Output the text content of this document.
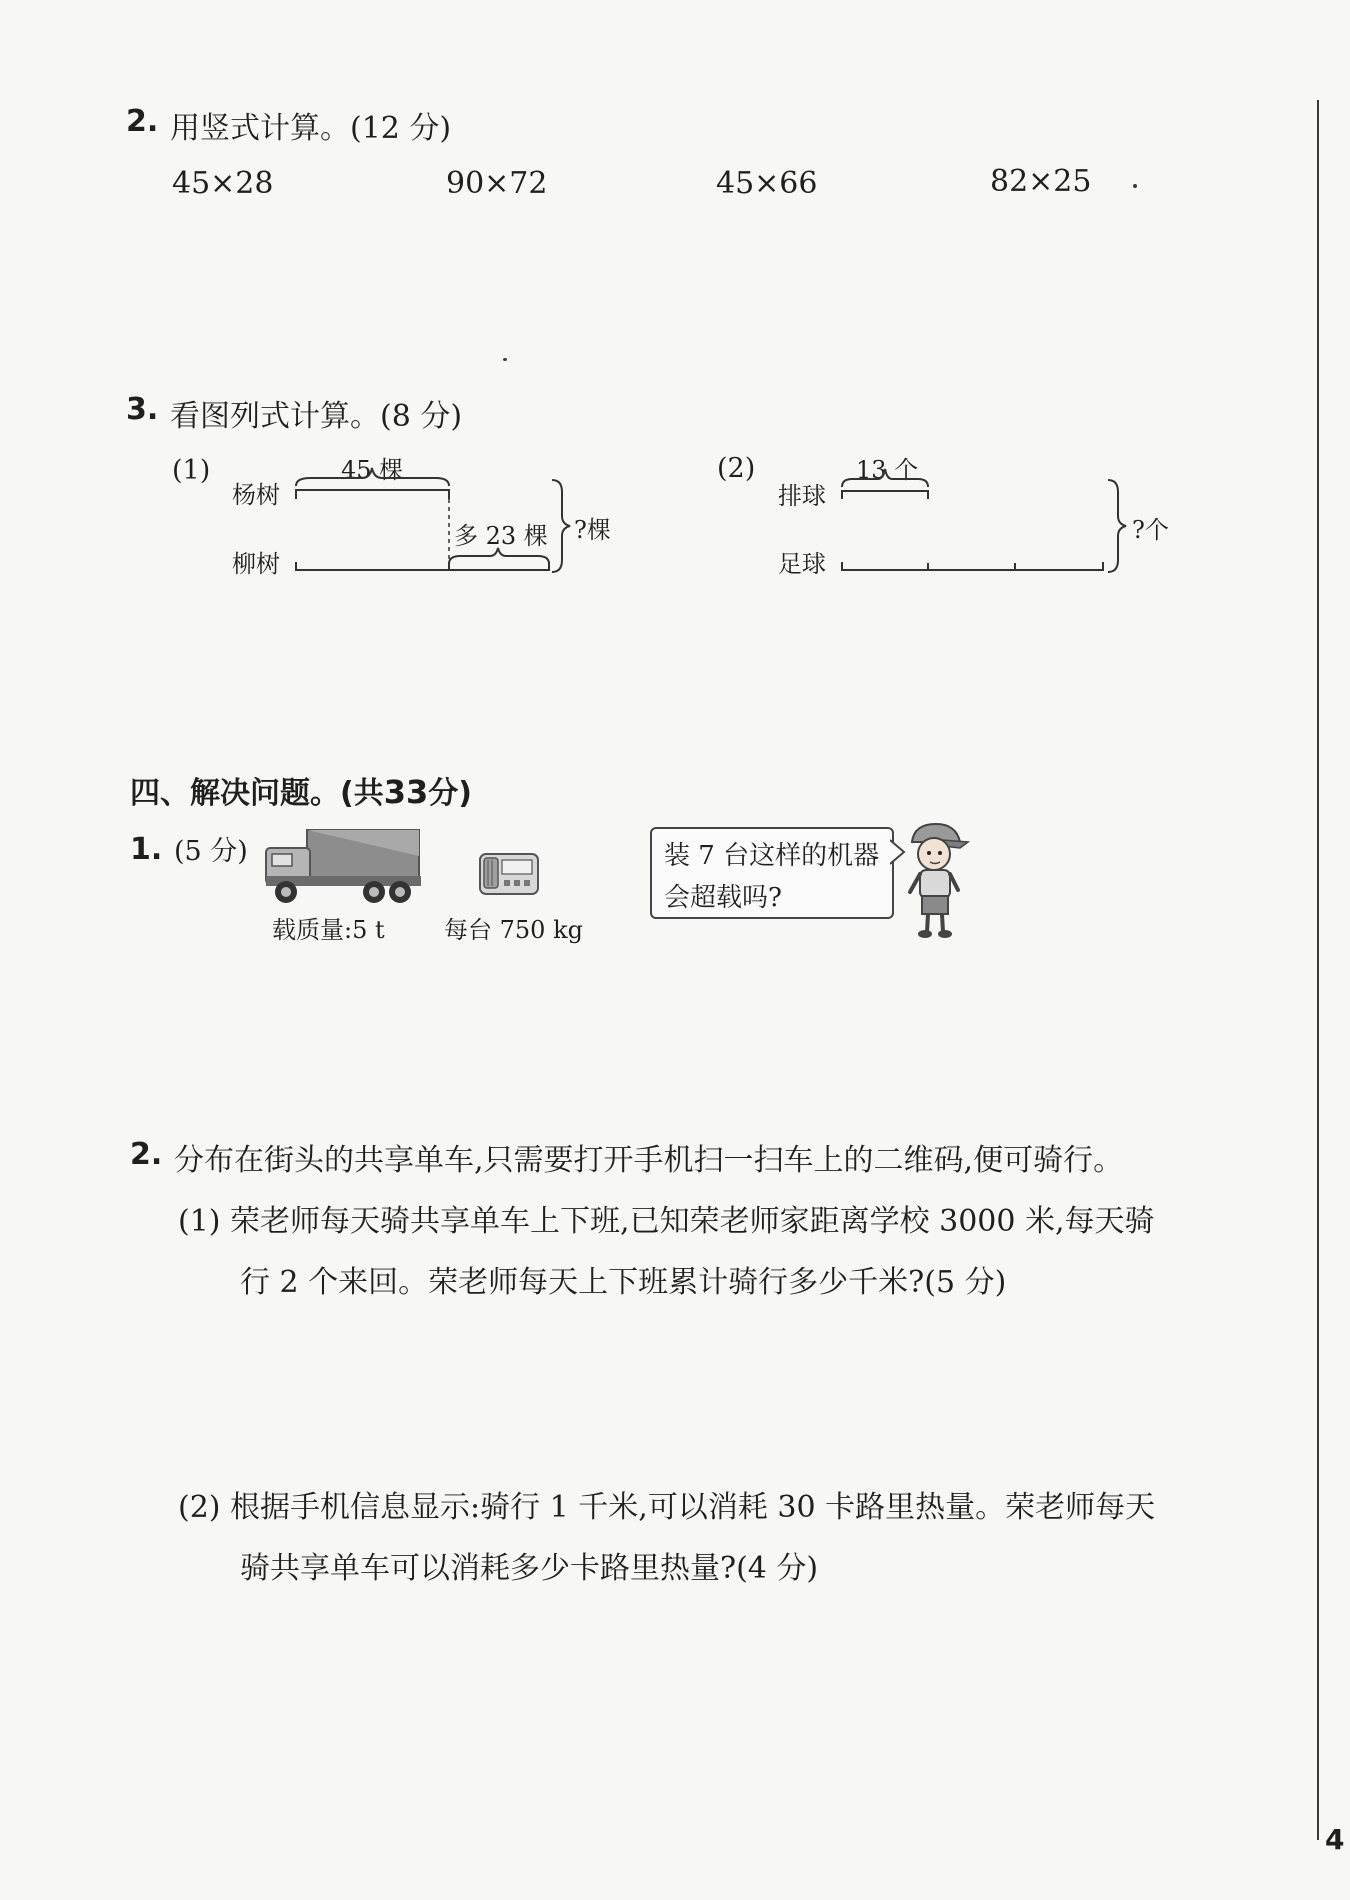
2. 用竖式计算。(12 分)
45×28	90×72	45×66	82×25
3. 看图列式计算。(8 分)
(1)
杨树
柳树
45 棵
多 23 棵 ?棵
(2)
排球
足球
13 个
?个
四、解决问题。(共33分)
1. (5 分)
载质量:5 t 每台 750 kg
装 7 台这样的机器
会超载吗?
2. 分布在街头的共享单车,只需要打开手机扫一扫车上的二维码,便可骑行。
(1) 荣老师每天骑共享单车上下班,已知荣老师家距离学校 3000 米,每天骑
行 2 个来回。荣老师每天上下班累计骑行多少千米?(5 分)
(2) 根据手机信息显示:骑行 1 千米,可以消耗 30 卡路里热量。荣老师每天
骑共享单车可以消耗多少卡路里热量?(4 分)
4
